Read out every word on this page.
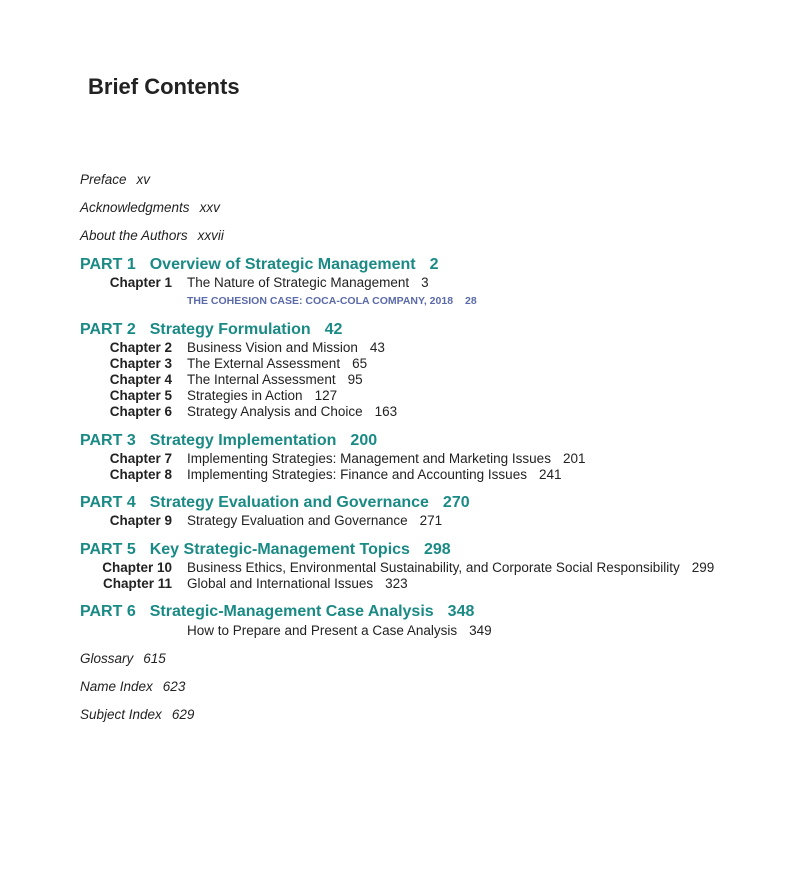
Brief Contents
Preface xv
Acknowledgments xxv
About the Authors xxvii
PART 1 Overview of Strategic Management 2
Chapter 1 The Nature of Strategic Management 3
THE COHESION CASE: COCA-COLA COMPANY, 2018 28
PART 2 Strategy Formulation 42
Chapter 2 Business Vision and Mission 43
Chapter 3 The External Assessment 65
Chapter 4 The Internal Assessment 95
Chapter 5 Strategies in Action 127
Chapter 6 Strategy Analysis and Choice 163
PART 3 Strategy Implementation 200
Chapter 7 Implementing Strategies: Management and Marketing Issues 201
Chapter 8 Implementing Strategies: Finance and Accounting Issues 241
PART 4 Strategy Evaluation and Governance 270
Chapter 9 Strategy Evaluation and Governance 271
PART 5 Key Strategic-Management Topics 298
Chapter 10 Business Ethics, Environmental Sustainability, and Corporate Social Responsibility 299
Chapter 11 Global and International Issues 323
PART 6 Strategic-Management Case Analysis 348
How to Prepare and Present a Case Analysis 349
Glossary 615
Name Index 623
Subject Index 629
